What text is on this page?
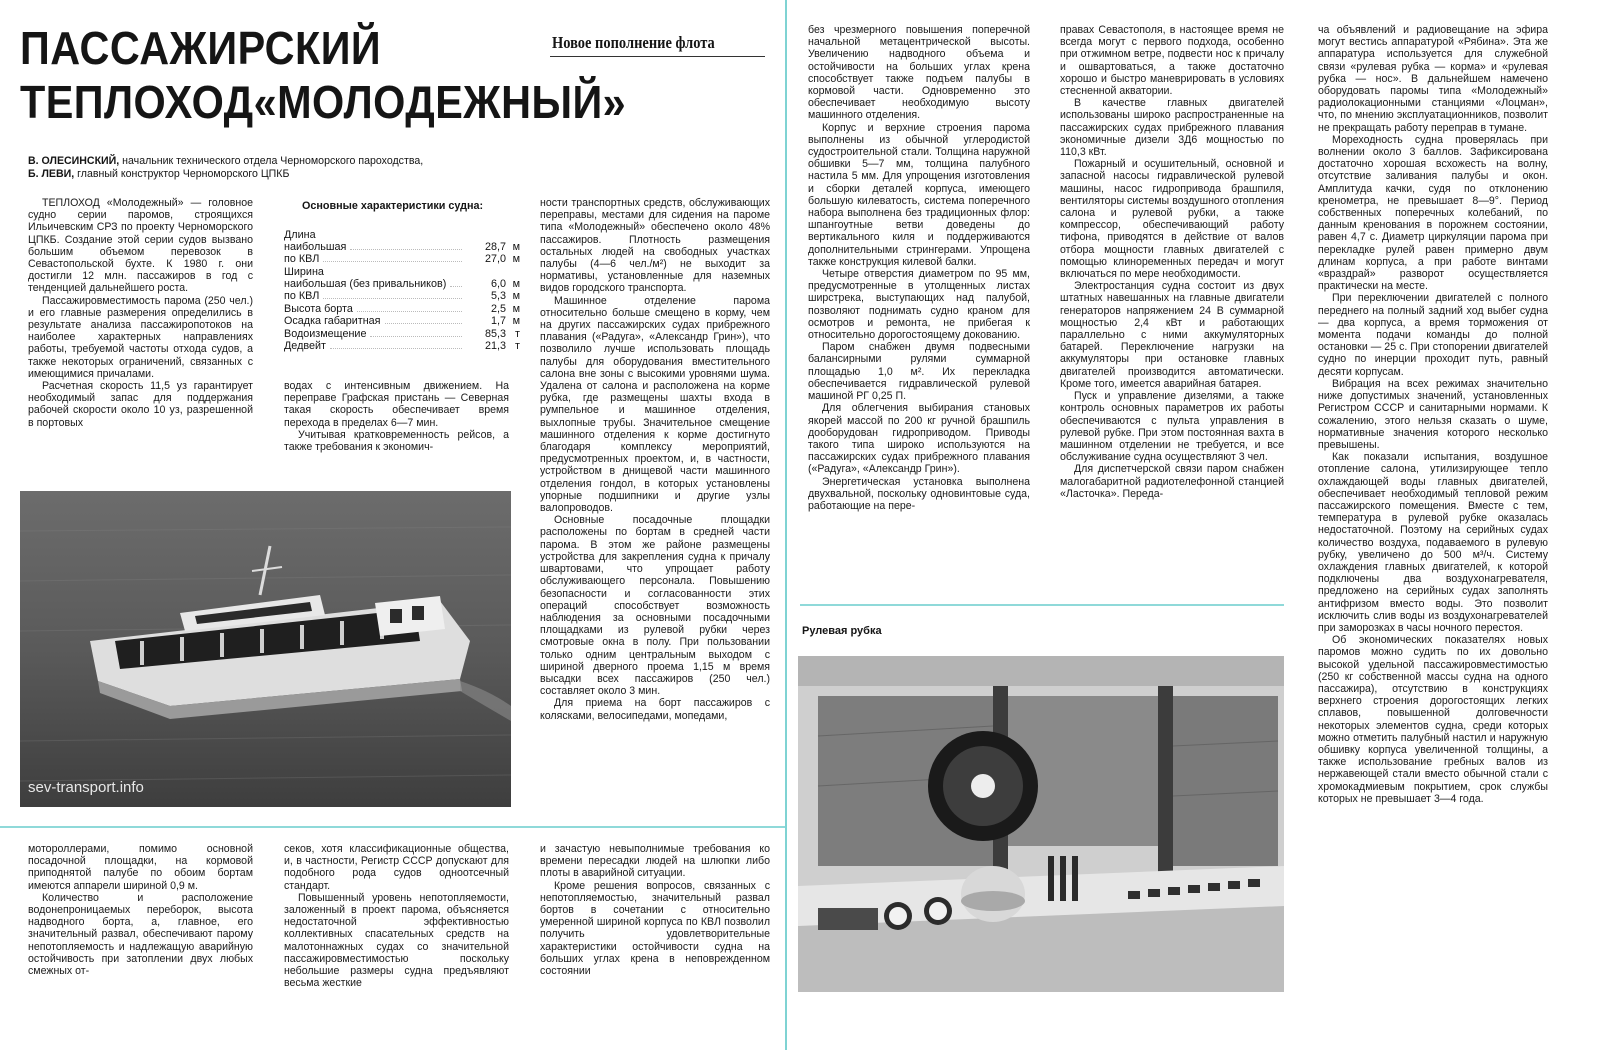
ПАССАЖИРСКИЙ
ТЕПЛОХОД«МОЛОДЕЖНЫЙ»
Новое пополнение флота
В. ОЛЕСИНСКИЙ, начальник технического отдела Черноморского пароходства,
Б. ЛЕВИ, главный конструктор Черноморского ЦПКБ

ТЕПЛОХОД «Молодежный» — головное судно серии паромов, строящихся Ильичевским СРЗ по проекту Черноморского ЦПКБ. Создание этой серии судов вызвано большим объемом перевозок в Севастопольской бухте. К 1980 г. они достигли 12 млн. пассажиров в год с тенденцией дальнейшего роста.

Пассажировместимость парома (250 чел.) и его главные размерения определились в результате анализа пассажиропотоков на наиболее характерных направлениях работы, требуемой частоты отхода судов, а также некоторых ограничений, связанных с имеющимися причалами.

Расчетная скорость 11,5 уз гарантирует необходимый запас для поддержания рабочей скорости около 10 уз, разрешенной в портовых

Основные характеристики судна:
Длина
наибольшая	28,7 м
по КВЛ	27,0 м
Ширина
наибольшая (без привальников)	6,0 м
по КВЛ	5,3 м
Высота борта	2,5 м
Осадка габаритная	1,7 м
Водоизмещение	85,3 т
Дедвейт	21,3 т

водах с интенсивным движением. На переправе Графская пристань — Северная такая скорость обеспечивает время перехода в пределах 6—7 мин.

Учитывая кратковременность рейсов, а также требования к экономич-

ности транспортных средств, обслуживающих переправы, местами для сидения на пароме типа «Молодежный» обеспечено около 48% пассажиров. Плотность размещения остальных людей на свободных участках палубы (4—6 чел./м²) не выходит за нормативы, установленные для наземных видов городского транспорта.

Машинное отделение парома относительно больше смещено в корму, чем на других пассажирских судах прибрежного плавания («Радуга», «Александр Грин»), что позволило лучше использовать площадь палубы для оборудования вместительного салона вне зоны с высокими уровнями шума. Удалена от салона и расположена на корме рубка, где размещены шахты входа в румпельное и машинное отделения, выхлопные трубы. Значительное смещение машинного отделения к корме достигнуто благодаря комплексу мероприятий, предусмотренных проектом, и, в частности, устройством в днищевой части машинного отделения гондол, в которых установлены упорные подшипники и другие узлы валопроводов.

Основные посадочные площадки расположены по бортам в средней части парома. В этом же районе размещены устройства для закрепления судна к причалу швартовами, что упрощает работу обслуживающего персонала. Повышению безопасности и согласованности этих операций способствует возможность наблюдения за основными посадочными площадками из рулевой рубки через смотровые окна в полу. При пользовании только одним центральным выходом с шириной дверного проема 1,15 м время высадки всех пассажиров (250 чел.) составляет около 3 мин.

Для приема на борт пассажиров с колясками, велосипедами, мопедами,

sev-transport.info

мотороллерами, помимо основной посадочной площадки, на кормовой приподнятой палубе по обоим бортам имеются аппарели шириной 0,9 м.

Количество и расположение водонепроницаемых переборок, высота надводного борта, а, главное, его значительный развал, обеспечивают парому непотопляемость и надлежащую аварийную остойчивость при затоплении двух любых смежных от-

секов, хотя классификационные общества, и, в частности, Регистр СССР допускают для подобного рода судов одноотсечный стандарт.

Повышенный уровень непотопляемости, заложенный в проект парома, объясняется недостаточной эффективностью коллективных спасательных средств на малотоннажных судах со значительной пассажировместимостью поскольку небольшие размеры судна предъявляют весьма жесткие

и зачастую невыполнимые требования ко времени пересадки людей на шлюпки либо плоты в аварийной ситуации.

Кроме решения вопросов, связанных с непотопляемостью, значительный развал бортов в сочетании с относительно умеренной шириной корпуса по КВЛ позволил получить удовлетворительные характеристики остойчивости судна на больших углах крена в неповрежденном состоянии

без чрезмерного повышения поперечной начальной метацентрической высоты. Увеличению надводного объема и остойчивости на больших углах крена способствует также подъем палубы в кормовой части. Одновременно это обеспечивает необходимую высоту машинного отделения.

Корпус и верхние строения парома выполнены из обычной углеродистой судостроительной стали. Толщина наружной обшивки 5—7 мм, толщина палубного настила 5 мм. Для упрощения изготовления и сборки деталей корпуса, имеющего большую килеватость, система поперечного набора выполнена без традиционных флор: шпангоутные ветви доведены до вертикального киля и поддерживаются дополнительными стрингерами. Упрощена также конструкция килевой балки.

Четыре отверстия диаметром по 95 мм, предусмотренные в утолщенных листах ширстрека, выступающих над палубой, позволяют поднимать судно краном для осмотров и ремонта, не прибегая к относительно дорогостоящему докованию.

Паром снабжен двумя подвесными балансирными рулями суммарной площадью 1,0 м². Их перекладка обеспечивается гидравлической рулевой машиной РГ 0,25 П.

Для облегчения выбирания становых якорей массой по 200 кг ручной брашпиль дооборудован гидроприводом. Приводы такого типа широко используются на пассажирских судах прибрежного плавания («Радуга», «Александр Грин»).

Энергетическая установка выполнена двухвальной, поскольку одновинтовые суда, работающие на пере-

правах Севастополя, в настоящее время не всегда могут с первого подхода, особенно при отжимном ветре, подвести нос к причалу и ошвартоваться, а также достаточно хорошо и быстро маневрировать в условиях стесненной акватории.

В качестве главных двигателей использованы широко распространенные на пассажирских судах прибрежного плавания экономичные дизели 3Д6 мощностью по 110,3 кВт.

Пожарный и осушительный, основной и запасной насосы гидравлической рулевой машины, насос гидропривода брашпиля, вентиляторы системы воздушного отопления салона и рулевой рубки, а также компрессор, обеспечивающий работу тифона, приводятся в действие от валов отбора мощности главных двигателей с помощью клиноременных передач и могут включаться по мере необходимости.

Электростанция судна состоит из двух штатных навешанных на главные двигатели генераторов напряжением 24 В суммарной мощностью 2,4 кВт и работающих параллельно с ними аккумуляторных батарей. Переключение нагрузки на аккумуляторы при остановке главных двигателей производится автоматически. Кроме того, имеется аварийная батарея.

Пуск и управление дизелями, а также контроль основных параметров их работы обеспечиваются с пульта управления в рулевой рубке. При этом постоянная вахта в машинном отделении не требуется, и все обслуживание судна осуществляют 3 чел.

Для диспетчерской связи паром снабжен малогабаритной радиотелефонной станцией «Ласточка». Переда-

ча объявлений и радиовещание на эфира могут вестись аппаратурой «Рябина». Эта же аппаратура используется для служебной связи «рулевая рубка — корма» и «рулевая рубка — нос». В дальнейшем намечено оборудовать паромы типа «Молодежный» радиолокационными станциями «Лоцман», что, по мнению эксплуатационников, позволит не прекращать работу переправ в тумане.

Мореходность судна проверялась при волнении около 3 баллов. Зафиксирована достаточно хорошая всхожесть на волну, отсутствие заливания палубы и окон. Амплитуда качки, судя по отклонению кренометра, не превышает 8—9°. Период собственных поперечных колебаний, по данным кренования в порожнем состоянии, равен 4,7 с. Диаметр циркуляции парома при перекладке рулей равен примерно двум длинам корпуса, а при работе винтами «враздрай» разворот осуществляется практически на месте.

При переключении двигателей с полного переднего на полный задний ход выбег судна — два корпуса, а время торможения от момента подачи команды до полной остановки — 25 с. При стопорении двигателей судно по инерции проходит путь, равный десяти корпусам.

Вибрация на всех режимах значительно ниже допустимых значений, установленных Регистром СССР и санитарными нормами. К сожалению, этого нельзя сказать о шуме, нормативные значения которого несколько превышены.

Как показали испытания, воздушное отопление салона, утилизирующее тепло охлаждающей воды главных двигателей, обеспечивает необходимый тепловой режим пассажирского помещения. Вместе с тем, температура в рулевой рубке оказалась недостаточной. Поэтому на серийных судах количество воздуха, подаваемого в рулевую рубку, увеличено до 500 м³/ч. Систему охлаждения главных двигателей, к которой подключены два воздухонагревателя, предложено на серийных судах заполнять антифризом вместо воды. Это позволит исключить слив воды из воздухонагревателей при заморозках в часы ночного перестоя.

Об экономических показателях новых паромов можно судить по их довольно высокой удельной пассажировместимостью (250 кг собственной массы судна на одного пассажира), отсутствию в конструкциях верхнего строения дорогостоящих легких сплавов, повышенной долговечности некоторых элементов судна, среди которых можно отметить палубный настил и наружную обшивку корпуса увеличенной толщины, а также использование гребных валов из нержавеющей стали вместо обычной стали с хромокадмиевым покрытием, срок службы которых не превышает 3—4 года.

Рулевая рубка
